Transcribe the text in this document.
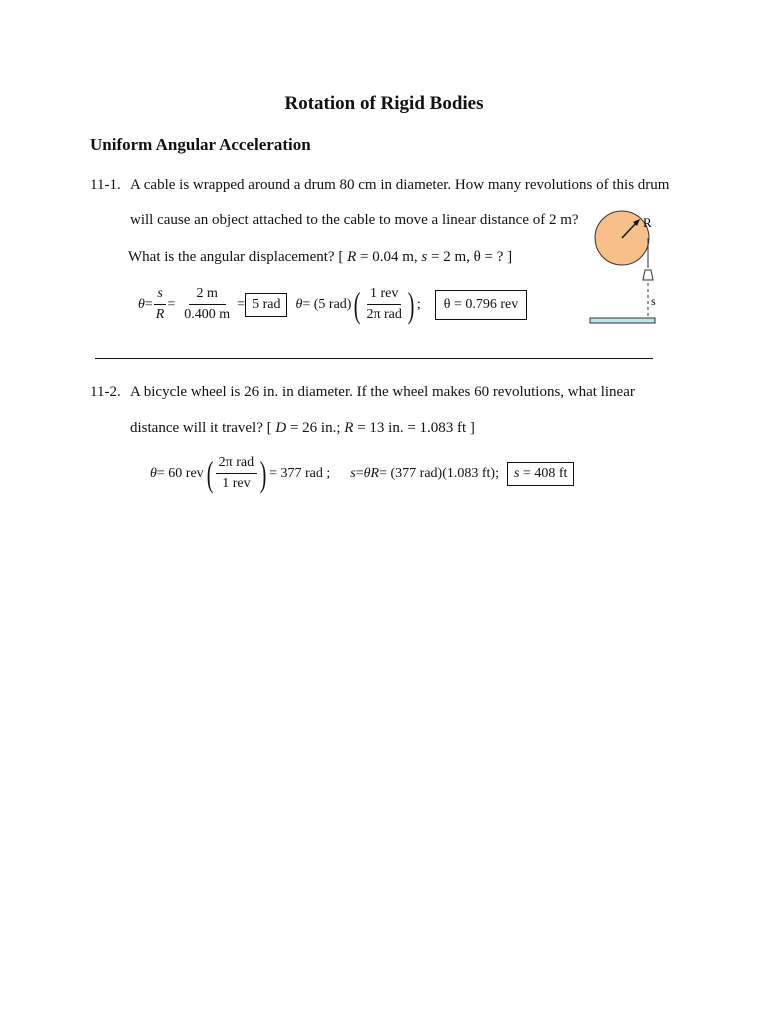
Rotation of Rigid Bodies
Uniform Angular Acceleration
11-1. A cable is wrapped around a drum 80 cm in diameter. How many revolutions of this drum
will cause an object attached to the cable to move a linear distance of 2 m?
What is the angular displacement? [ R = 0.04 m, s = 2 m, θ = ? ]
$\theta = \frac{s}{R} = \frac{2 m}{0.400 m} = 5$ rad	θ = (5 rad) ( $\frac{\text{1 rev}}{\text{2π rad}}$ ) ;	θ = 0.796 rev
R
s
11-2. A bicycle wheel is 26 in. in diameter. If the wheel makes 60 revolutions, what linear
distance will it travel? [ D = 26 in.; R = 13 in. = 1.083 ft ]
θ = 60 rev ( $\frac{\text{2π rad}}{\text{1 rev}}$ ) = 377 rad ; s = θR = (377 rad)(1.083 ft);	s = 408 ft
